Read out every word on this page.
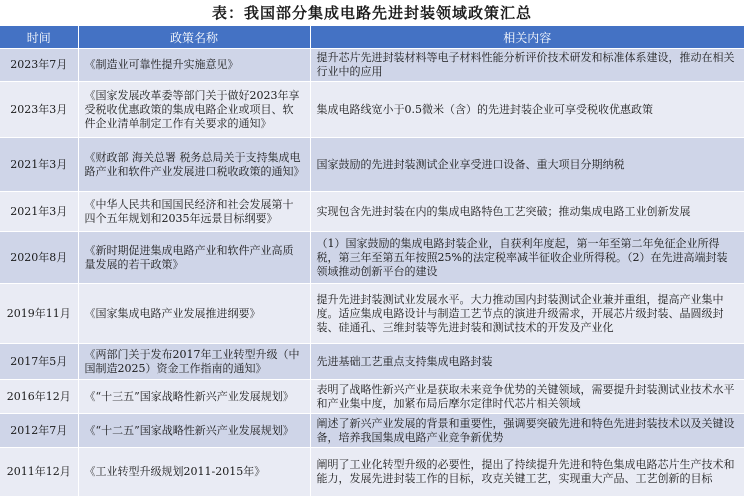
表：我国部分集成电路先进封装领域政策汇总
时间	政策名称	相关内容
2023年7月	《制造业可靠性提升实施意见》	提升芯片先进封装材料等电子材料性能分析评价技术研发和标准体系建设，推动在相关行业中的应用
2023年3月	《国家发展改革委等部门关于做好2023年享受税收优惠政策的集成电路企业或项目、软件企业清单制定工作有关要求的通知》	集成电路线宽小于0.5微米（含）的先进封装企业可享受税收优惠政策
2021年3月	《财政部 海关总署 税务总局关于支持集成电路产业和软件产业发展进口税收政策的通知》	国家鼓励的先进封装测试企业享受进口设备、重大项目分期纳税
2021年3月	《中华人民共和国国民经济和社会发展第十四个五年规划和2035年远景目标纲要》	实现包含先进封装在内的集成电路特色工艺突破；推动集成电路工业创新发展
2020年8月	《新时期促进集成电路产业和软件产业高质量发展的若干政策》	（1）国家鼓励的集成电路封装企业，自获利年度起，第一年至第二年免征企业所得税，第三年至第五年按照25%的法定税率减半征收企业所得税。（2）在先进高端封装领域推动创新平台的建设
2019年11月	《国家集成电路产业发展推进纲要》	提升先进封装测试业发展水平。大力推动国内封装测试企业兼并重组，提高产业集中度。适应集成电路设计与制造工艺节点的演进升级需求，开展芯片级封装、晶圆级封装、硅通孔、三维封装等先进封装和测试技术的开发及产业化
2017年5月	《两部门关于发布2017年工业转型升级（中国制造2025）资金工作指南的通知》	先进基础工艺重点支持集成电路封装
2016年12月	《“十三五”国家战略性新兴产业发展规划》	表明了战略性新兴产业是获取未来竞争优势的关键领域，需要提升封装测试业技术水平和产业集中度，加紧布局后摩尔定律时代芯片相关领域
2012年7月	《“十二五”国家战略性新兴产业发展规划》	阐述了新兴产业发展的背景和重要性，强调要突破先进和特色先进封装技术以及关键设备，培养我国集成电路产业竞争新优势
2011年12月	《工业转型升级规划2011-2015年》	阐明了工业化转型升级的必要性，提出了持续提升先进和特色集成电路芯片生产技术和能力，发展先进封装工作的目标，攻克关键工艺，实现重大产品、工艺创新的目标
